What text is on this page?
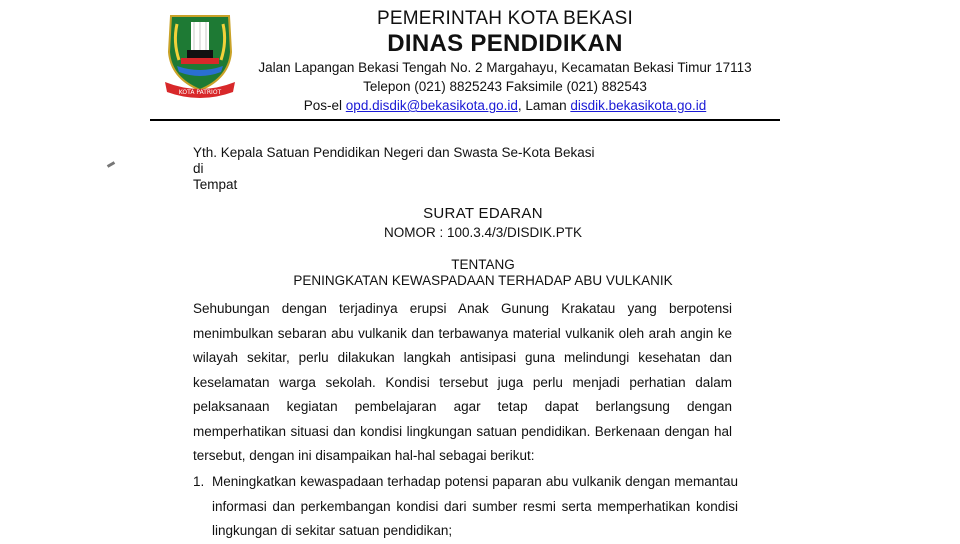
KOTA PATRIOT
PEMERINTAH KOTA BEKASI
DINAS PENDIDIKAN
Jalan Lapangan Bekasi Tengah No. 2 Margahayu, Kecamatan Bekasi Timur 17113
Telepon (021) 8825243 Faksimile (021) 882543
Pos-el opd.disdik@bekasikota.go.id, Laman disdik.bekasikota.go.id
Yth. Kepala Satuan Pendidikan Negeri dan Swasta Se-Kota Bekasi
di
Tempat
SURAT EDARAN
NOMOR : 100.3.4/3/DISDIK.PTK
TENTANG
PENINGKATAN KEWASPADAAN TERHADAP ABU VULKANIK
Sehubungan dengan terjadinya erupsi Anak Gunung Krakatau yang berpotensi menimbulkan sebaran abu vulkanik dan terbawanya material vulkanik oleh arah angin ke wilayah sekitar, perlu dilakukan langkah antisipasi guna melindungi kesehatan dan keselamatan warga sekolah. Kondisi tersebut juga perlu menjadi perhatian dalam pelaksanaan kegiatan pembelajaran agar tetap dapat berlangsung dengan memperhatikan situasi dan kondisi lingkungan satuan pendidikan. Berkenaan dengan hal tersebut, dengan ini disampaikan hal-hal sebagai berikut:
1. Meningkatkan kewaspadaan terhadap potensi paparan abu vulkanik dengan memantau informasi dan perkembangan kondisi dari sumber resmi serta memperhatikan kondisi lingkungan di sekitar satuan pendidikan;
